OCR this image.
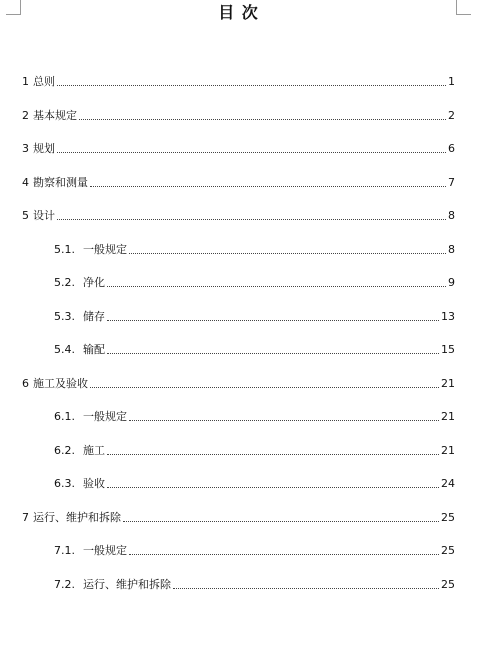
目 次
1 总则	1
2 基本规定	2
3 规划	6
4 勘察和测量	7
5 设计	8
5.1. 一般规定	8
5.2. 净化	9
5.3. 储存	13
5.4. 输配	15
6 施工及验收	21
6.1. 一般规定	21
6.2. 施工	21
6.3. 验收	24
7 运行、维护和拆除	25
7.1. 一般规定	25
7.2. 运行、维护和拆除	25
